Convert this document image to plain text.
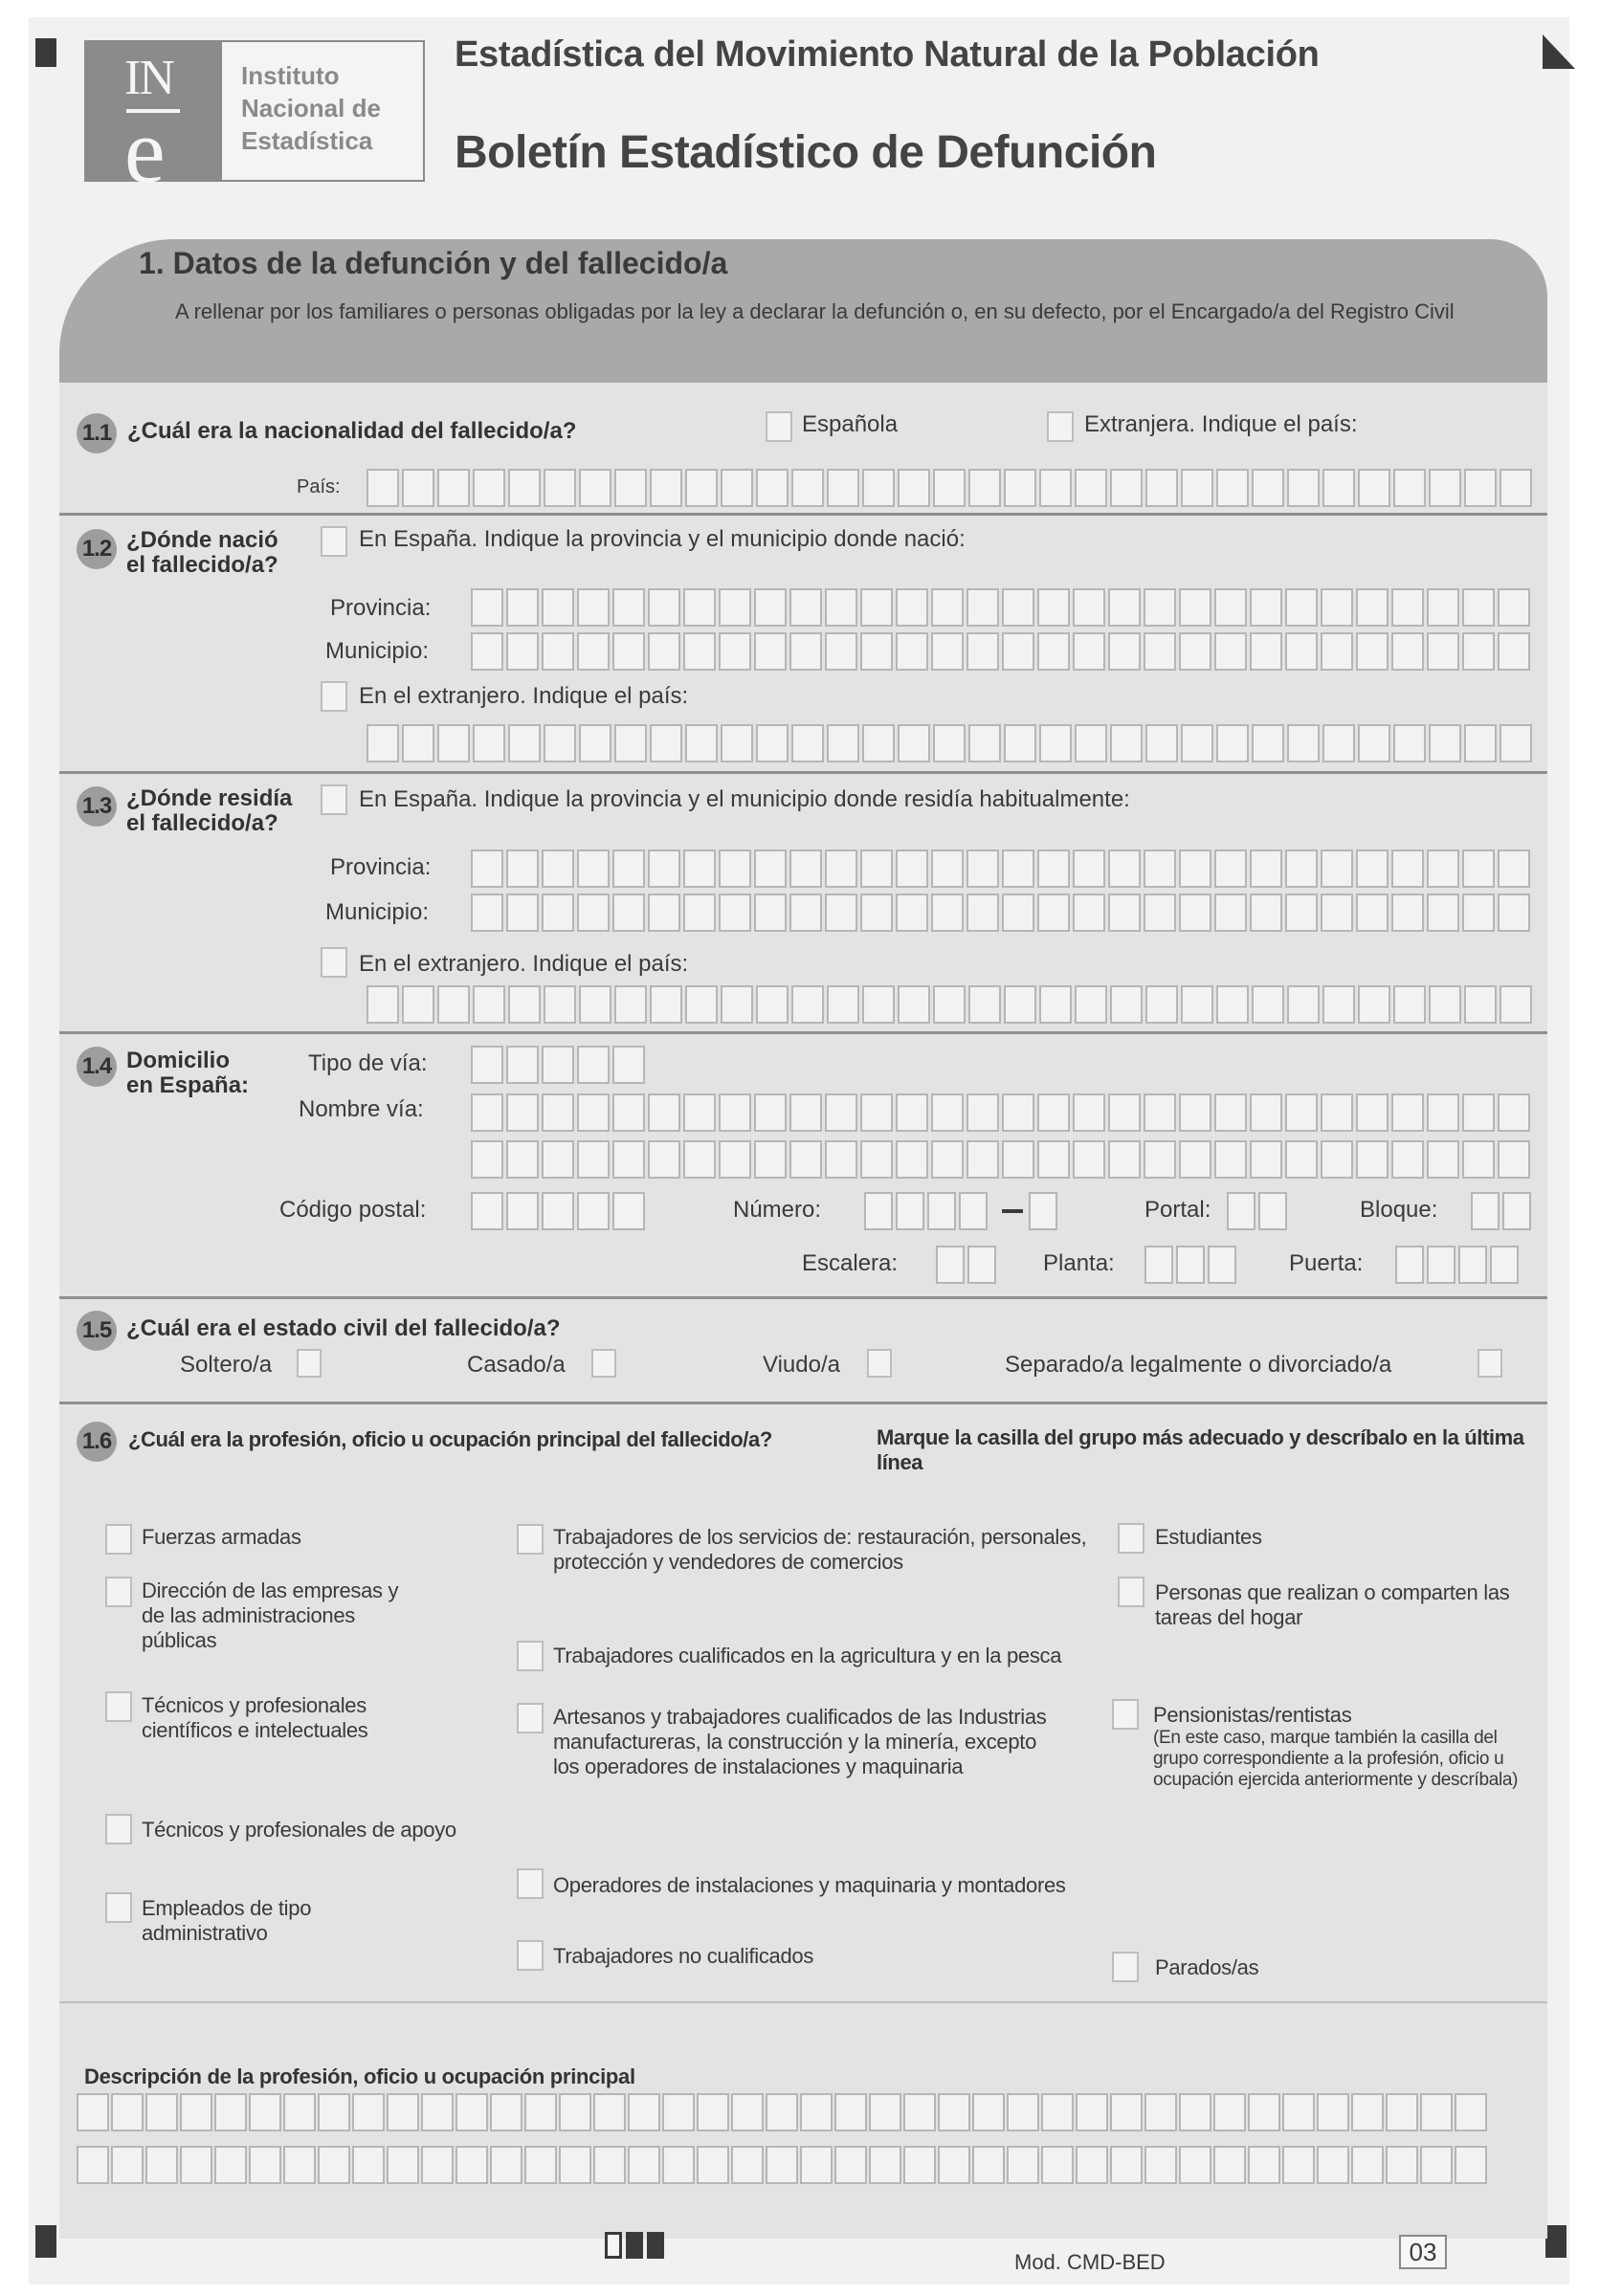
IN
e
Instituto
Nacional de
Estadística
Estadística del Movimiento Natural de la Población
Boletín Estadístico de Defunción
1. Datos de la defunción y del fallecido/a
A rellenar por los familiares o personas obligadas por la ley a declarar la defunción o, en su defecto, por el Encargado/a del Registro Civil
1.1 ¿Cuál era la nacionalidad del fallecido/a?	Española	Extranjera. Indique el país:
País:
1.2 ¿Dónde nació
el fallecido/a?
En España. Indique la provincia y el municipio donde nació:
Provincia:
Municipio:
En el extranjero. Indique el país:
1.3 ¿Dónde residía
el fallecido/a?
En España. Indique la provincia y el municipio donde residía habitualmente:
Provincia:
Municipio:
En el extranjero. Indique el país:
1.4 Domicilio
en España:
Tipo de vía:
Nombre vía:
Código postal:	Número:	Portal:	Bloque:
Escalera:	Planta:	Puerta:
1.5 ¿Cuál era el estado civil del fallecido/a?
Soltero/a	Casado/a	Viudo/a	Separado/a legalmente o divorciado/a
1.6 ¿Cuál era la profesión, oficio u ocupación principal del fallecido/a?	Marque la casilla del grupo más adecuado y descríbalo en la última línea
Fuerzas armadas
Dirección de las empresas y de las administraciones públicas
Técnicos y profesionales científicos e intelectuales
Técnicos y profesionales de apoyo
Empleados de tipo administrativo
Trabajadores de los servicios de: restauración, personales, protección y vendedores de comercios
Trabajadores cualificados en la agricultura y en la pesca
Artesanos y trabajadores cualificados de las Industrias manufactureras, la construcción y la minería, excepto los operadores de instalaciones y maquinaria
Operadores de instalaciones y maquinaria y montadores
Trabajadores no cualificados
Estudiantes
Personas que realizan o comparten las tareas del hogar
Pensionistas/rentistas
(En este caso, marque también la casilla del grupo correspondiente a la profesión, oficio u ocupación ejercida anteriormente y descríbala)
Parados/as
Descripción de la profesión, oficio u ocupación principal
Mod. CMD-BED	03
